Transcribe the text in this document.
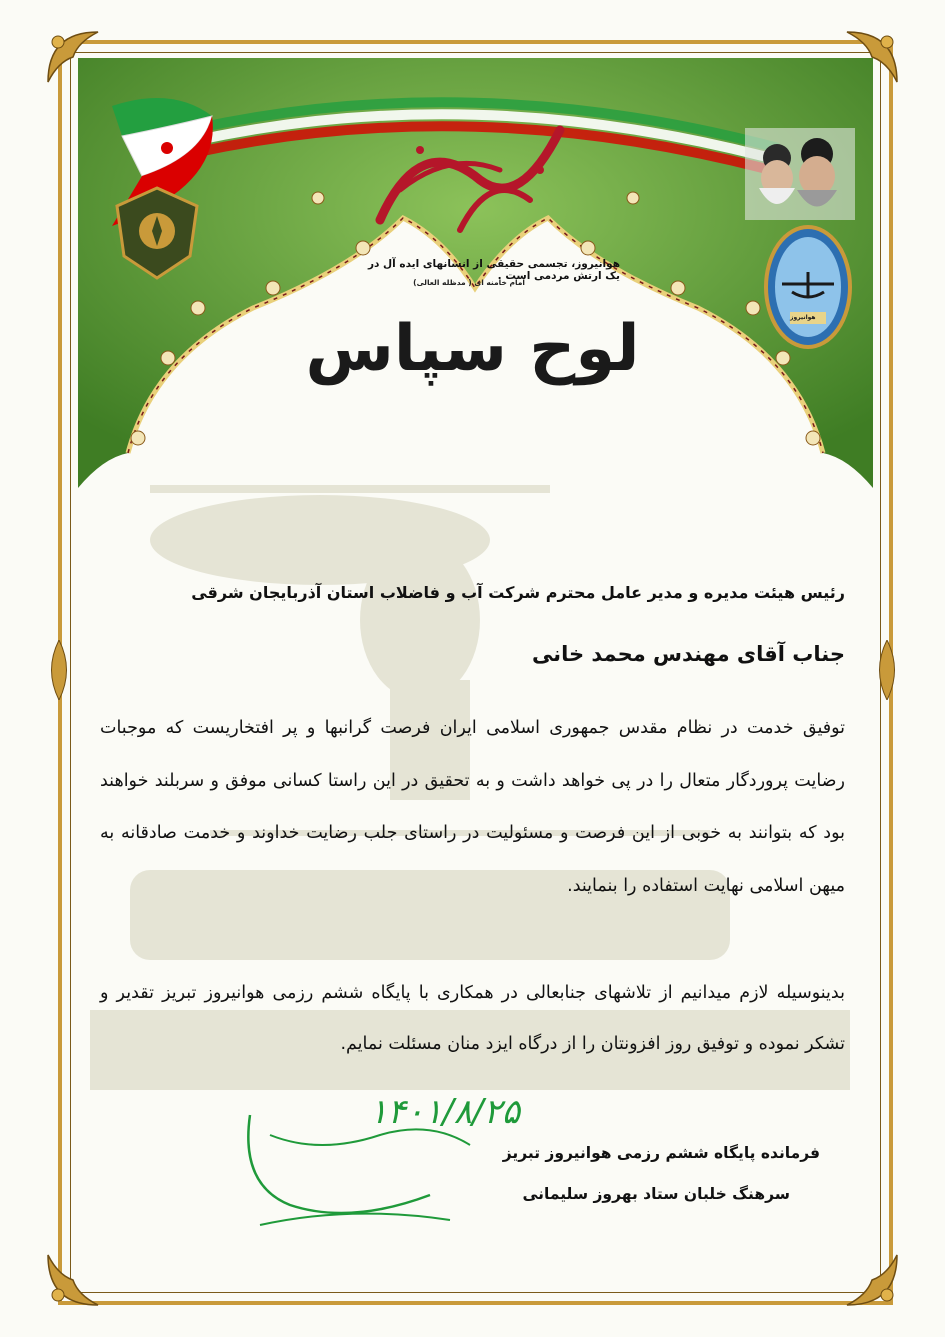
هوانیروز
هوانیروز، تجسمی حقیقی از انسانهای ایده آل در یک ارتش مردمی است .
امام خامنه ای ( مدظله العالی)
لوح سپاس
رئیس هیئت مدیره و مدیر عامل محترم شرکت آب و فاضلاب استان آذربایجان شرقی
جناب آقای مهندس محمد خانی
توفیق خدمت در نظام مقدس جمهوری اسلامی ایران فرصت گرانبها و پر افتخاریست که موجبات رضایت پروردگار متعال را در پی خواهد داشت و به تحقیق در این راستا کسانی موفق و سربلند خواهند بود که بتوانند به خوبی از این فرصت و مسئولیت در راستای جلب رضایت خداوند و خدمت صادقانه به میهن اسلامی نهایت استفاده را بنمایند.
بدینوسیله لازم میدانیم از تلاشهای جنابعالی در همکاری با پایگاه ششم رزمی هوانیروز تبریز تقدیر و تشکر نموده و توفیق روز افزونتان را از درگاه ایزد منان مسئلت نمایم.
۱۴۰۱/۸/۲۵
فرمانده پایگاه ششم رزمی هوانیروز تبریز
سرهنگ خلبان ستاد بهروز سلیمانی
